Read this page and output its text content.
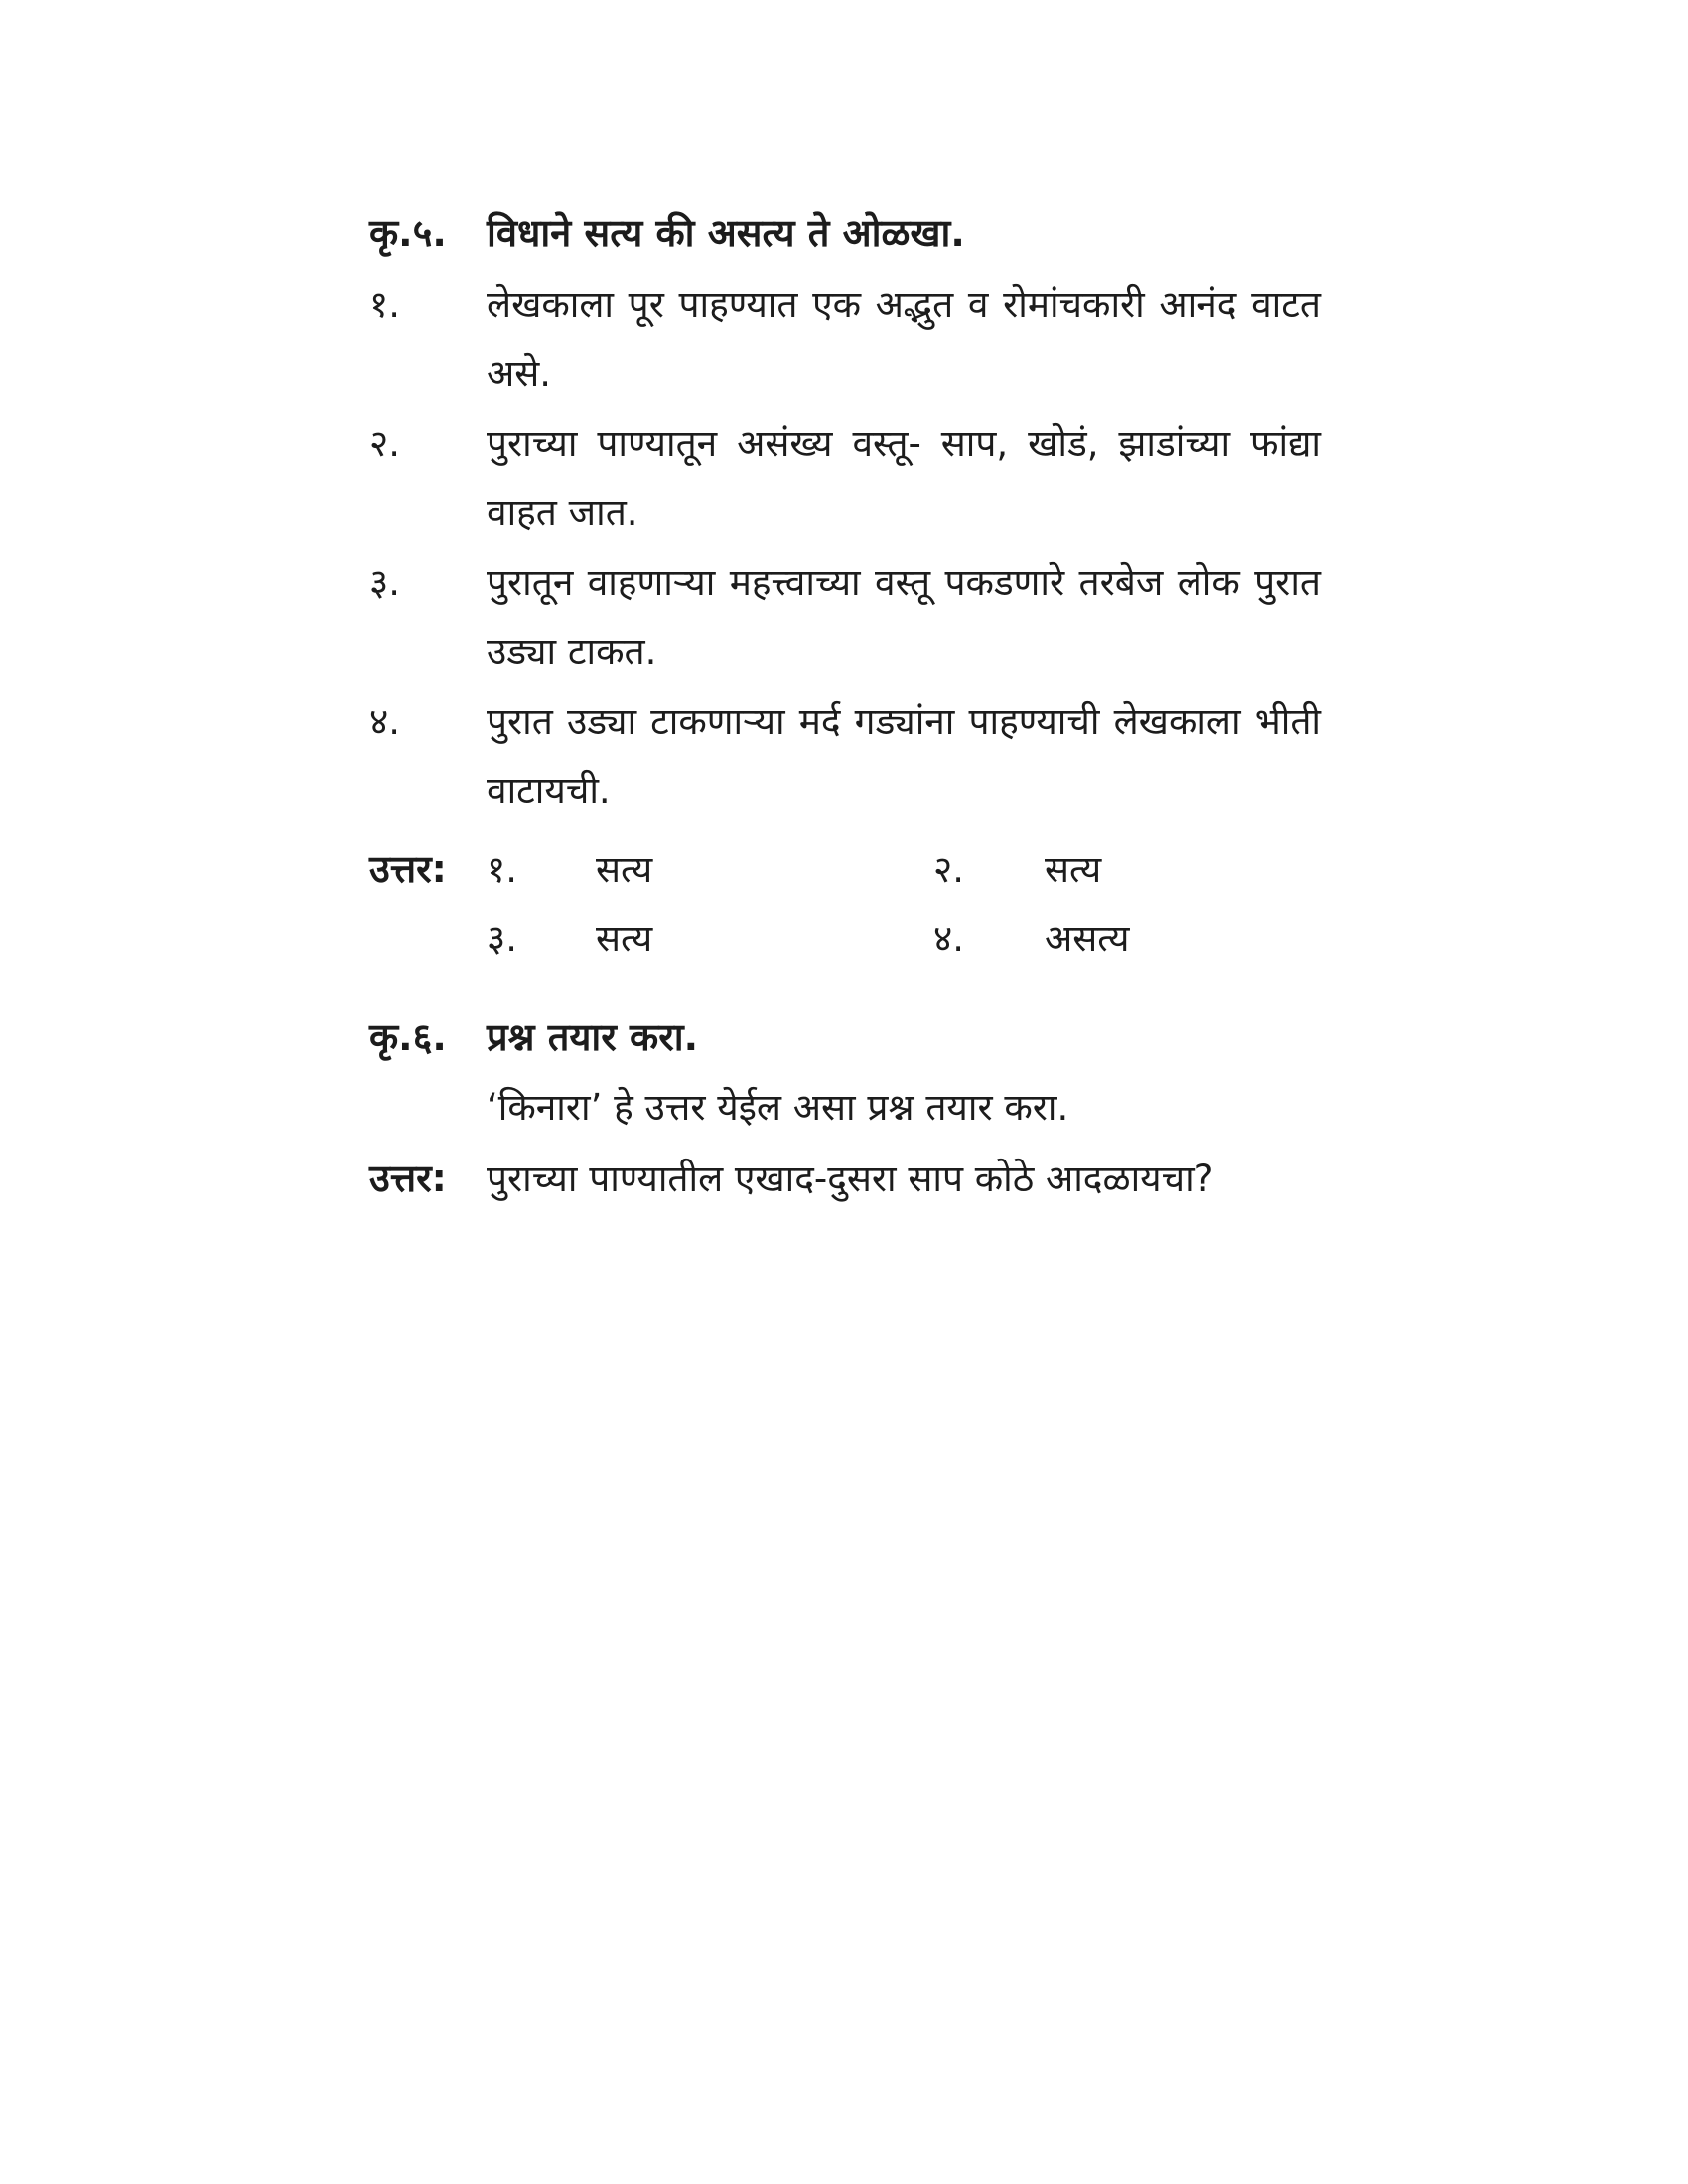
कृ.५. विधाने सत्य की असत्य ते ओळखा.
१.	लेखकाला पूर पाहण्यात एक अद्भुत व रोमांचकारी आनंद वाटत असे.
२.	पुराच्या पाण्यातून असंख्य वस्तू- साप, खोडं, झाडांच्या फांद्या वाहत जात.
३.	पुरातून वाहणाऱ्या महत्त्वाच्या वस्तू पकडणारे तरबेज लोक पुरात उड्या टाकत.
४.	पुरात उड्या टाकणाऱ्या मर्द गड्यांना पाहण्याची लेखकाला भीती वाटायची.
उत्तर: १. सत्य	२. सत्य
३. सत्य	४. असत्य
कृ.६. प्रश्न तयार करा.
‘किनारा’ हे उत्तर येईल असा प्रश्न तयार करा.
उत्तर: पुराच्या पाण्यातील एखाद-दुसरा साप कोठे आदळायचा?
